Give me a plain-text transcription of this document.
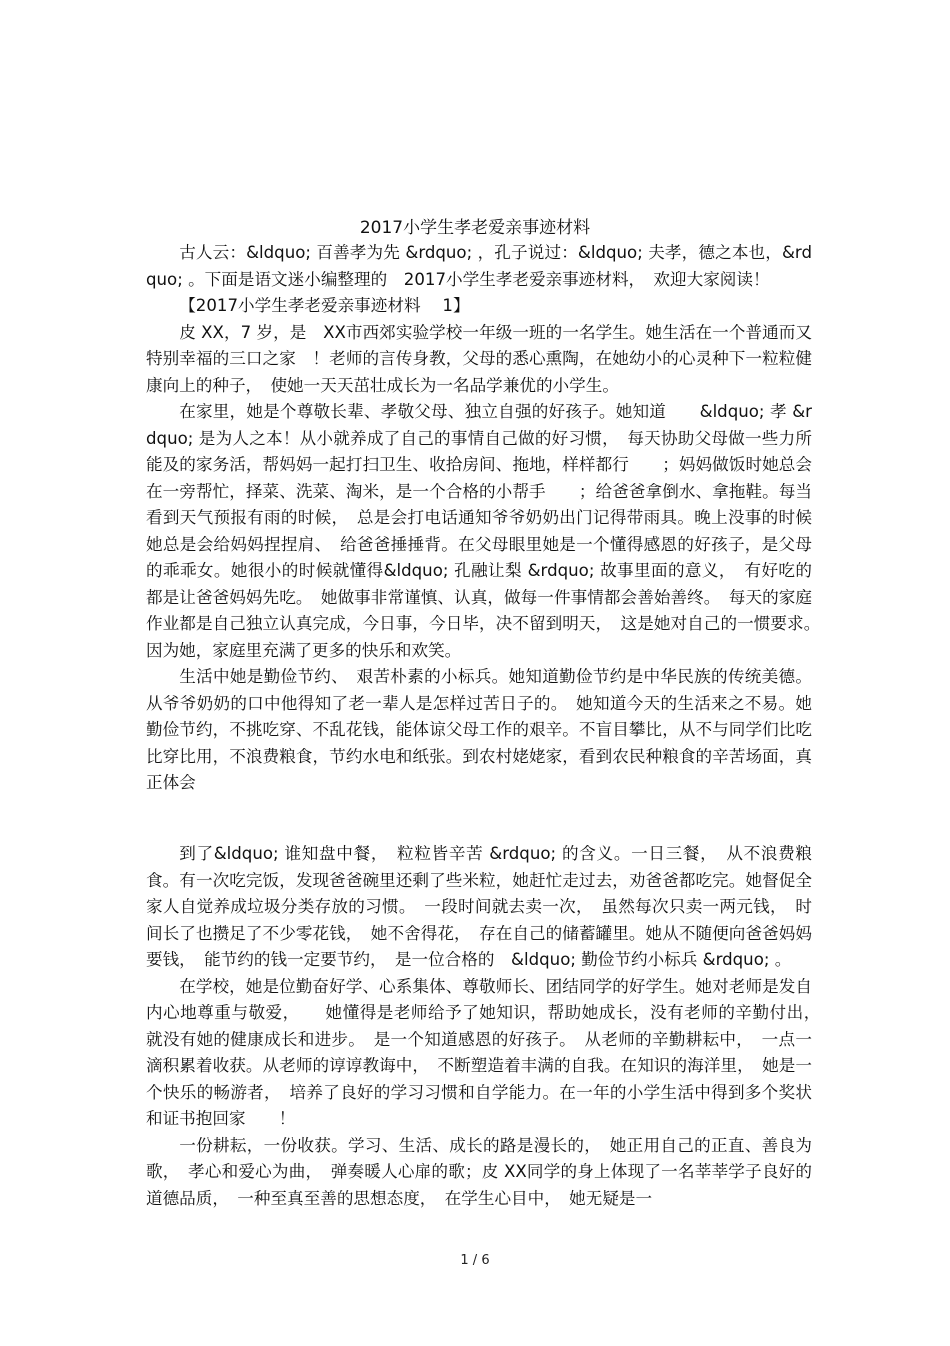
2017小学生孝老爱亲事迹材料

古人云：&ldquo; 百善孝为先 &rdquo; ，孔子说过：&ldquo; 夫孝，德之本也，&rdquo; 。下面是语文迷小编整理的　2017小学生孝老爱亲事迹材料，　欢迎大家阅读！

【2017小学生孝老爱亲事迹材料　 1】

皮 XX，7 岁，是　XX市西郊实验学校一年级一班的一名学生。她生活在一个普通而又特别幸福的三口之家　！老师的言传身教，父母的悉心熏陶，在她幼小的心灵种下一粒粒健康向上的种子，　使她一天天茁壮成长为一名品学兼优的小学生。

在家里，她是个尊敬长辈、孝敬父母、独立自强的好孩子。她知道　　&ldquo; 孝 &rdquo; 是为人之本！从小就养成了自己的事情自己做的好习惯，　每天协助父母做一些力所能及的家务活，帮妈妈一起打扫卫生、收拾房间、拖地，样样都行　　；妈妈做饭时她总会在一旁帮忙，择菜、洗菜、淘米，是一个合格的小帮手　　；给爸爸拿倒水、拿拖鞋。每当看到天气预报有雨的时候，　总是会打电话通知爷爷奶奶出门记得带雨具。晚上没事的时候她总是会给妈妈捏捏肩、　给爸爸捶捶背。在父母眼里她是一个懂得感恩的好孩子，是父母的乖乖女。她很小的时候就懂得&ldquo; 孔融让梨 &rdquo; 故事里面的意义，　有好吃的都是让爸爸妈妈先吃。　她做事非常谨慎、认真，做每一件事情都会善始善终。　每天的家庭作业都是自己独立认真完成，今日事，今日毕，决不留到明天，　这是她对自己的一惯要求。　因为她，家庭里充满了更多的快乐和欢笑。

生活中她是勤俭节约、　艰苦朴素的小标兵。她知道勤俭节约是中华民族的传统美德。从爷爷奶奶的口中他得知了老一辈人是怎样过苦日子的。　她知道今天的生活来之不易。她勤俭节约，不挑吃穿、不乱花钱，能体谅父母工作的艰辛。不盲目攀比，从不与同学们比吃比穿比用，不浪费粮食，节约水电和纸张。到农村姥姥家，看到农民种粮食的辛苦场面，真正体会

到了&ldquo; 谁知盘中餐，　粒粒皆辛苦 &rdquo; 的含义。一日三餐，　从不浪费粮食。有一次吃完饭，发现爸爸碗里还剩了些米粒，她赶忙走过去，劝爸爸都吃完。她督促全家人自觉养成垃圾分类存放的习惯。　一段时间就去卖一次，　虽然每次只卖一两元钱，　时间长了也攒足了不少零花钱，　她不舍得花，　存在自己的储蓄罐里。她从不随便向爸爸妈妈要钱，　能节约的钱一定要节约，　是一位合格的　&ldquo; 勤俭节约小标兵 &rdquo; 。

在学校，她是位勤奋好学、心系集体、尊敬师长、团结同学的好学生。她对老师是发自内心地尊重与敬爱，　　她懂得是老师给予了她知识，帮助她成长，没有老师的辛勤付出，　就没有她的健康成长和进步。　是一个知道感恩的好孩子。　从老师的辛勤耕耘中，　一点一滴积累着收获。从老师的谆谆教诲中，　不断塑造着丰满的自我。在知识的海洋里，　她是一个快乐的畅游者，　培养了良好的学习习惯和自学能力。在一年的小学生活中得到多个奖状和证书抱回家　　！

一份耕耘，一份收获。学习、生活、成长的路是漫长的，　她正用自己的正直、善良为歌，　孝心和爱心为曲，　弹奏暖人心扉的歌；皮 XX同学的身上体现了一名莘莘学子良好的道德品质，　一种至真至善的思想态度，　在学生心目中，　她无疑是一

1 / 6
